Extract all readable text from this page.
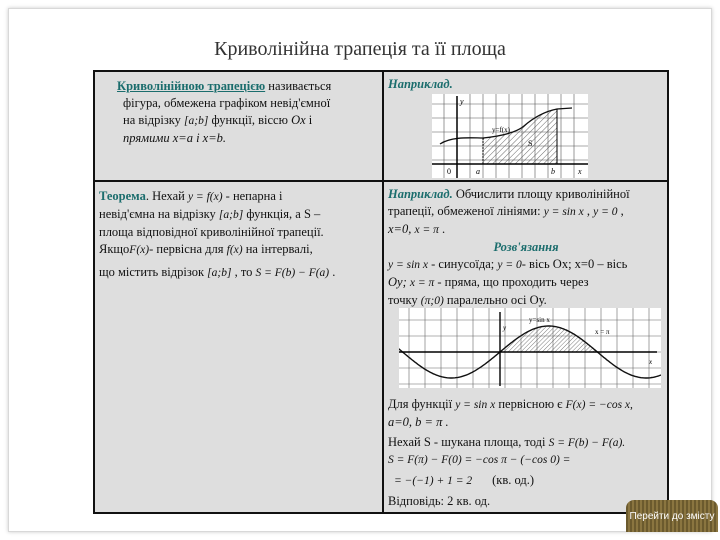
Криволінійна трапеція та її площа
Криволінійною трапецією називається
фігура, обмежена графіком невід'ємної
на відрізку [a;b] функції, віссю Ox і
прямими x=a і x=b.
Теорема. Нехай y = f(x) - непарна і
невід'ємна на відрізку [a;b] функція, а S –
площа відповідної криволінійної трапеції.
ЯкщоF(x)- первісна для f(x) на інтервалі,
що містить відрізок [a;b] , то S = F(b) − F(a) .
Наприклад.
y=f(x)
S
0	a	b	x
y
Наприклад. Обчислити площу криволінійної
трапеції, обмеженої лініями: y = sin x , y = 0 ,
x=0, x = π .
Розв'язання
y = sin x - синусоїда; y = 0- вісь Ox; x=0 – вісь
Oy; x = π - пряма, що проходить через
точку (π;0) паралельно осі Оу.
y=sin x
x = π
x
y
Для функції y = sin x первісною є F(x) = −cos x,
a=0, b = π .
Нехай S - шукана площа, тоді S = F(b) − F(a).
S = F(π) − F(0) = −cos π − (−cos 0) =
= −(−1) + 1 = 2 (кв. од.)
Відповідь: 2 кв. од.
Перейти до змісту
